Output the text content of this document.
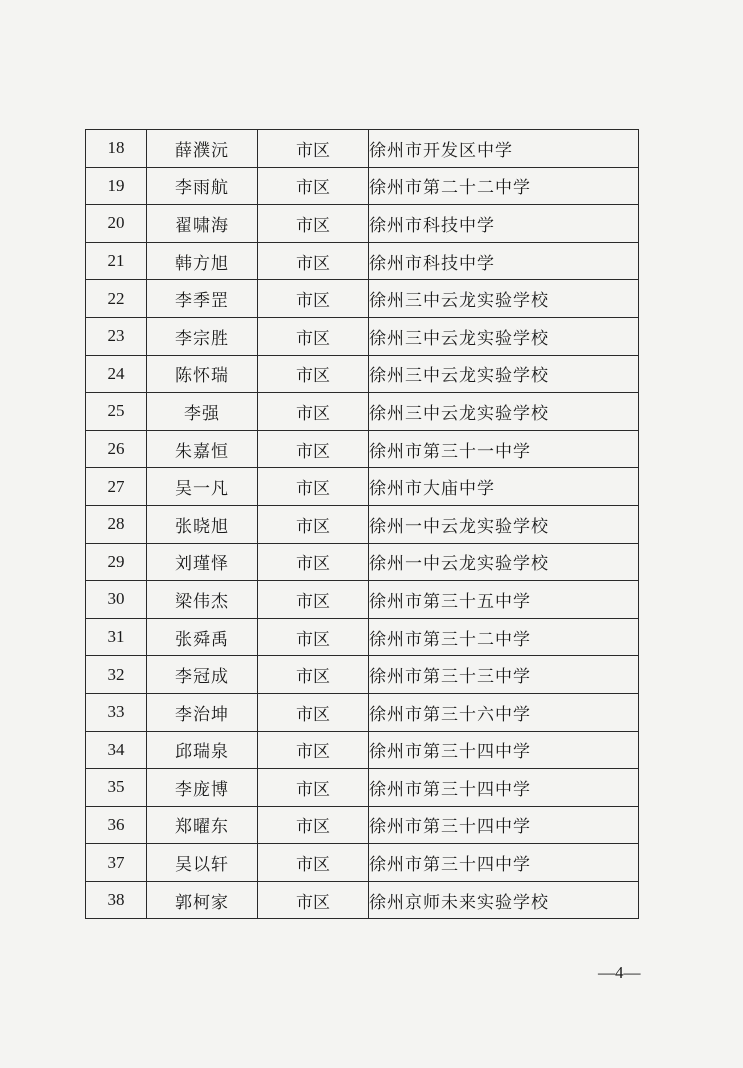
18	薛濮沅	市区	徐州市开发区中学
19	李雨航	市区	徐州市第二十二中学
20	翟啸海	市区	徐州市科技中学
21	韩方旭	市区	徐州市科技中学
22	李季罡	市区	徐州三中云龙实验学校
23	李宗胜	市区	徐州三中云龙实验学校
24	陈怀瑞	市区	徐州三中云龙实验学校
25	李强	市区	徐州三中云龙实验学校
26	朱嘉恒	市区	徐州市第三十一中学
27	吴一凡	市区	徐州市大庙中学
28	张晓旭	市区	徐州一中云龙实验学校
29	刘瑾怿	市区	徐州一中云龙实验学校
30	梁伟杰	市区	徐州市第三十五中学
31	张舜禹	市区	徐州市第三十二中学
32	李冠成	市区	徐州市第三十三中学
33	李治坤	市区	徐州市第三十六中学
34	邱瑞泉	市区	徐州市第三十四中学
35	李庞博	市区	徐州市第三十四中学
36	郑曜东	市区	徐州市第三十四中学
37	吴以轩	市区	徐州市第三十四中学
38	郭柯家	市区	徐州京师未来实验学校
—4—
